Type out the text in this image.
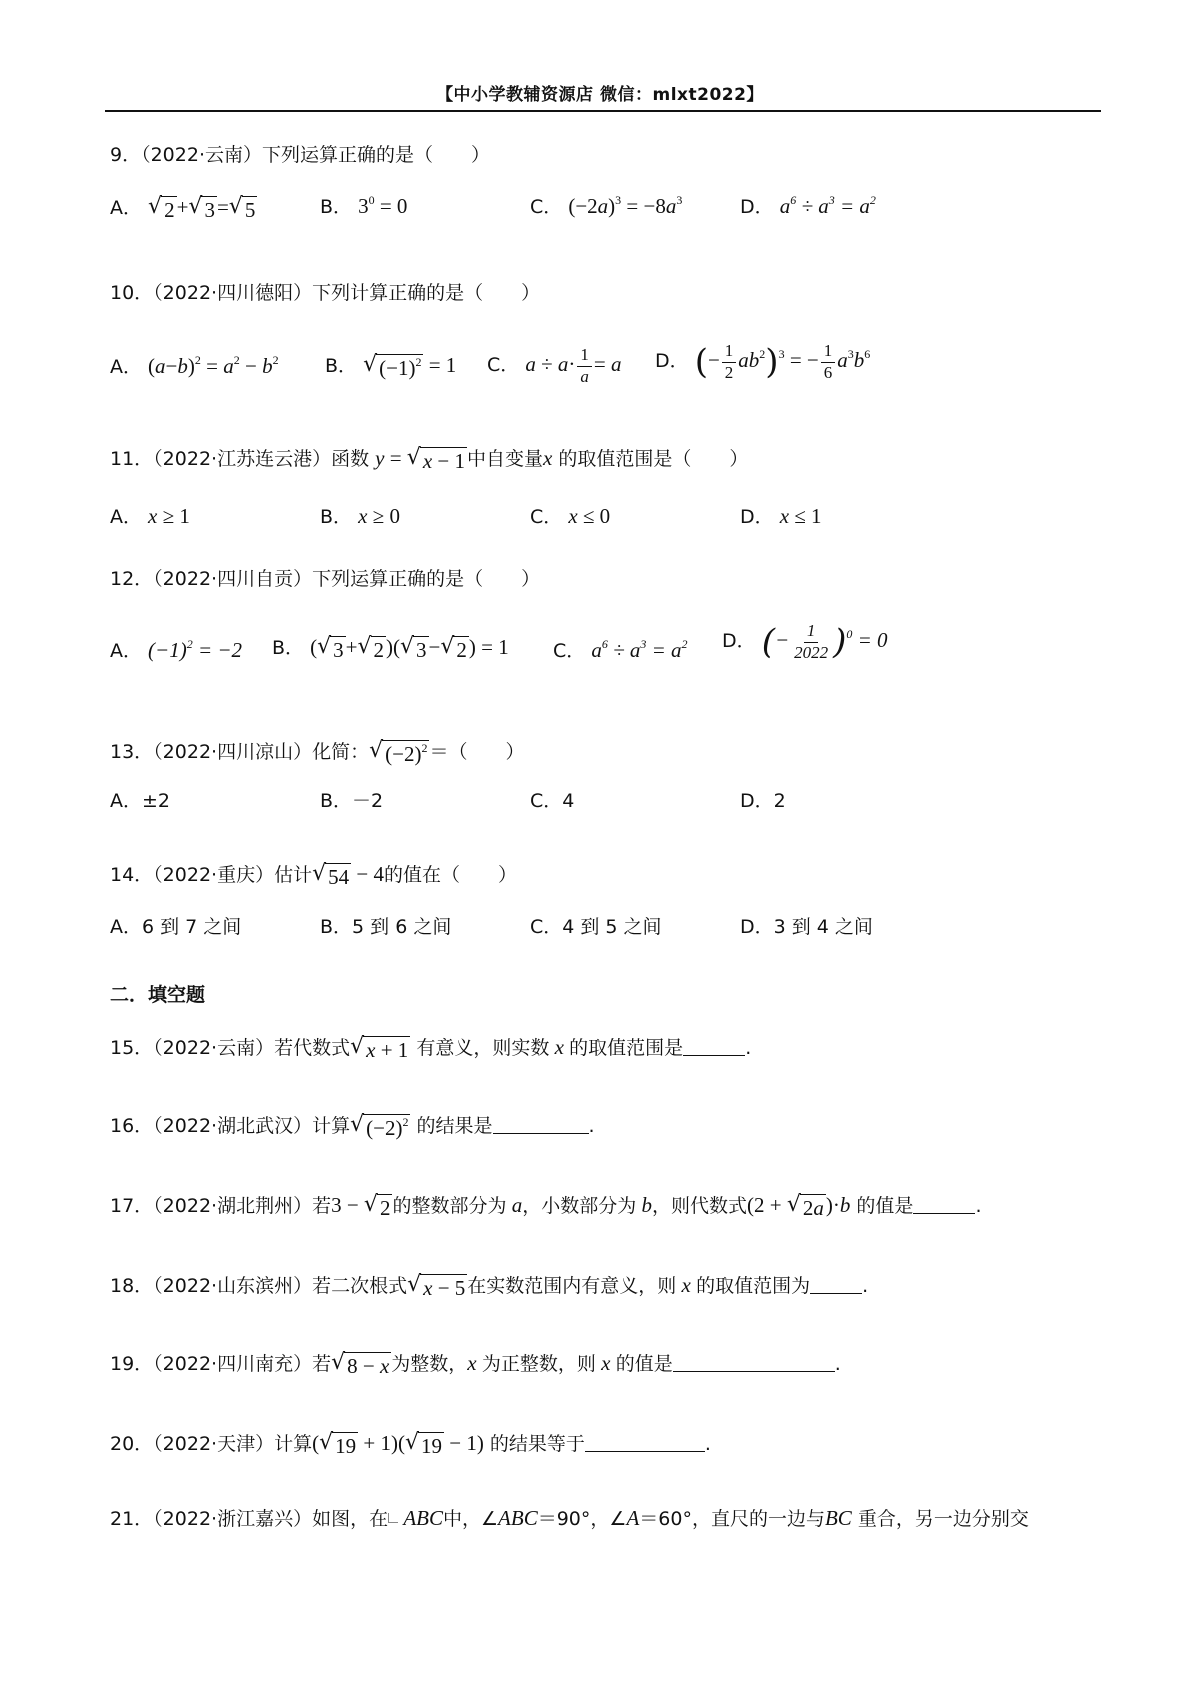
【中小学教辅资源店 微信：mlxt2022】
9．（2022·云南）下列运算正确的是（　　）
A． √ 2 + √ 3 = √ 5	B． $3^0 = 0$	C． $(-2a)^3 = -8a^3$	D． $a^6 \div a^3 = a^2$
10．（2022·四川德阳）下列计算正确的是（　　）
A． $(a-b)^2 = a^2 - b^2$ B． √ $(-1)^2 = 1$ C． $a \div a\cdot \frac{1}{a} = a$ D． (− $\frac{1}{2} ab^2)^3$ = − $\frac{1}{6} a^3b^6$
11．（2022·江苏连云港）函数 y = √ x − 1 中自变量x 的取值范围是（　　）
A． x ≥ 1	B． x ≥ 0	C． x ≤ 0	D． x ≤ 1
12．（2022·四川自贡）下列运算正确的是（　　）
A． $(-1)^2 = -2$ B． ( √ 3 + √ 2 )( √ 3 − √ 2 ) = 1 C． $a^6 \div a^3 = a^2$ D． (− $\frac{1}{2022} )^0 = 0$
13．（2022·四川凉山）化简： √ $(-2)^2$ ＝（　　）
A．±2	B．－2	C．4	D．2
14．（2022·重庆）估计 √ 54 − 4的值在（　　）
A．6 到 7 之间	B．5 到 6 之间	C．4 到 5 之间	D．3 到 4 之间
二．填空题
15．（2022·云南）若代数式 √ x + 1 有意义，则实数 x 的取值范围是	.
16．（2022·湖北武汉）计算 √ $(-2)^2$ 的结果是	.
17．（2022·湖北荆州）若3 − √ 2 的整数部分为 a，小数部分为 b，则代数式(2 + √ 2a )·b 的值是	.
18．（2022·山东滨州）若二次根式 √ x − 5 在实数范围内有意义，则 x 的取值范围为	.
19．（2022·四川南充）若 √ 8 − x 为整数，x 为正整数，则 x 的值是	.
20．（2022·天津）计算( √ 19 + 1)( √ 19 − 1) 的结果等于	.
21．（2022·浙江嘉兴）如图，在 ABC中，∠ABC＝90°，∠A＝60°，直尺的一边与BC 重合，另一边分别交
